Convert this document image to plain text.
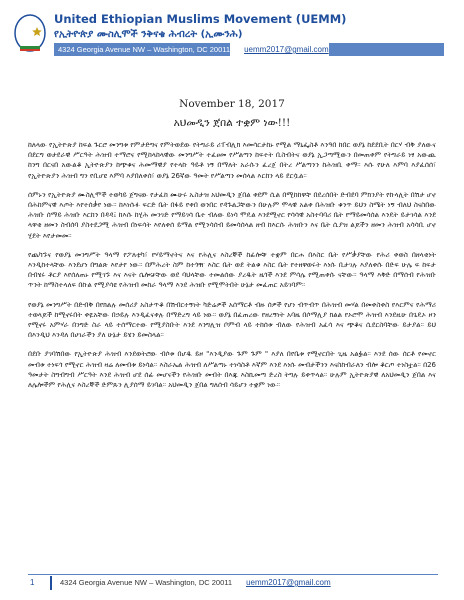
United Ethiopian Muslims Movement (UEMM)
የኢትዮጵያ ሙስሊሞች ንቅናቄ ሕብረት (ኢሙንሕ)
4324 Georgia Avenue NW – Washington, DC 20011	uemm2017@gmail.com
November 18, 2017
አህመዲን ጀበል ተቋም ነው!!!

ከለላው የኢትዮጵያ ከፍል ጉርሮ መንግቱ የምታድግና የምትወደው የትግራይ ሪፐብሊክ እመሳርታከኑ የሚል ማኒፌስቶ እንዓበ ከበር ወያኔ ከደደቢት በርሃ ብቅ ያለውና በደርግ ወታደራዊ ሥርዓት ሕዝብ ተማሮና የሚከላከላዊው መንግሥት ተፈፀመ የሥልጣን ከፍተት ቢስብትና ወያኔ ኢጋጣሚውን በመጠቀም የትግራይ ነፃ አውጪ ከንግ በርናበ አውልቆ ኢትዮጵያን ከጭቁና ሕመማዊያ የተላኩ ዓይቶ ነኝ በማለት አራሱን ፈረጀ በትረ ሥልጣንን ከሕዝቢ ቀማ። እሱ የሁለ እምባ እያፈሰሰ፣ የኢትዮጵያን ሕዝብ ግን የቢሆዩ እምባ እያበለቀሰ፣ ወያኔ 26ኛው ዓመት የሥልጣን መሰላል እርከን ላይ ደርሷል።

ሰምኑን የኢትዮጵያ ሙስሊሞች ተወካይ ጀግናው የታፈከ ሙሁሩ ኡስታዝ አህመዲን ጀበል ቀደም ሲል በሚከከዋቸ በደረሰበት ድብደባ ምክንያት የኩላሊት በሽታ ሆኖ በሕከምናዊ እጦት እየተሰቃየ ነው። ከእነሱፉ ፍርድ ቤት በፋይ የቀበ ወንበር የዳጉልጋቸውን በሁሉም ሞላዊ አልቀ በሕዝቡ ቁንጥ ይህን ስሜት ነኝ ብለህ ስናስበው ሕዝቡ ሰማይ ሕዝቡ እርከን በዳዳ፤ ከእሱ ከሂሕ መንገድ የማይገሳ ቤተ ብለው ይነሳ ሞዴል እንደሚኖር የሳሳዊ አስተባባሪ ቤት የማይመሳሰል እንዴት ይታገሳል እንደ ላዋቂ ዘመን ስብሰባ ያስተደጋሚ ሕዝብ በነፍሳት እየለቀሰ ይማል የሚንሳሰብ ይመሳሰላል ዘብ ከእርሱ ሕዝቡን እና ቤት ሲያዝ ልጆችን ዘመን ሕዝብ አሳሳቢ ሆኖ ሂደት እየታመመ።

የጨካኙና የወያኔ መንግሥት ዓላማ የፖለቲካ፣ የሃይማኖትና እና የሕሊና እስረኞች ከፊሎቹ ተቋም በርሐ በእስር ቤት የሥቃያቸው የሕሪ ቀወስ በዘላቂነት እንዲከተላቸው እንደሆነ በግልጽ እየታየ ነው። በምሕረት ስም ከተጎዥ እስር ቤት ወደ ትልቁ እስር ቤት የተዘዋወሩት እነሱ ቢታገሉ እያለቀሱ በድፍ ሁሌ ፍ ከፍታ በብሄሩ ቶርያ እየሰለጠኑ የሚገኙ እና እናት ሴሎቻቸው ወደ ባህላቸው ተመልሰው ያረዱት ዜጎች እንደ ምሳሌ የሚጠቀሱ ናቸው። ዓላማ እቅድ በማሰብ የሕዝቡ ጥንት ከማስተላለፍ በኩል የሚያሳዩ የሕዝብ መከራ ዓላማ እንደ ሕዝቡ የሚሞትበት ሁኔታ መፈጠር አይገባም።

የወያኔ መንግሥት በድብቅ በየክልሉ መሰሪያ አስታጥቆ በሽብርተኝነት ካድሬዎች አሰማርቶ ብዙ ሰዎች የሆነ ብጥብጥ በሕዝብ መሃል በመቀስቀስ የእርምና የሕማሪ ተወላጆች ከሚኖሩበት ቀዬአቸው በኃይሉ እንዲፈናቀሉ በማድረግ ላይ ነው። ወያኔ በፈጠረው የዘረኝነት አባዜ በሶማሊያ ክልል የኦሮሞ ሕዝብ እንደዚሁ በጌዴኦ ዞን የሚኖሩ አምሃራ በንግድ ስራ ላይ ተሰማርተው የሚያስቡት እንደ እንግሊዝ ቦምብ ላይ ተከሰቱ ብለው የሕዝብ አፈሳ እና ጭቆና ሲደርስባቸው ይታያል። ይህ በእንዲህ እንዳለ በሀገራችን ያለ ሁኔታ ይሄን ይመስላል።

በደቡ ያገባሽበው የኢትዮጵያ ሕዝብ እንደወትሮው ብሶቱ በሆዱ ይዞ "እንዲያው ጉም ጉም " እያለ በየቤቱ የሚኖርበት ጊዜ አልፏል። እንደ ሰው ሰርቶ የመኖር መብቱ ተነፍጎ የሚኖር ሕዝብ ዛሬ ለመብቱ ይነሳል። እስራኤል ሕዝብ ለሥልጣኑ ተነሳስቶ እኛም እንደ እነሱ መብታችንን እናስከብራለን ብሎ ቆርጦ ተነስቷል። በ26 ዓመታት ስግብግብ ሥርዓት እንደ ሕዝብ ሆደ ሰፊ መሆናችን የሕዝቡ መብት በእጁ እስኪመጣ ድረስ ትግሉ ይቀጥላል። ሁሉም ኢትዮጵያዊ ለአህመዲን ጀበል እና ለሌሎችም የሕሊና እስረኞች ድምጹን ሊያሰማ ይገባል። አህመዲን ጀበል ግለሰብ ሳይሆን ተቋም ነው።

1	4324 Georgia Avenue NW – Washington, DC 20011	uemm2017@gmail.com
